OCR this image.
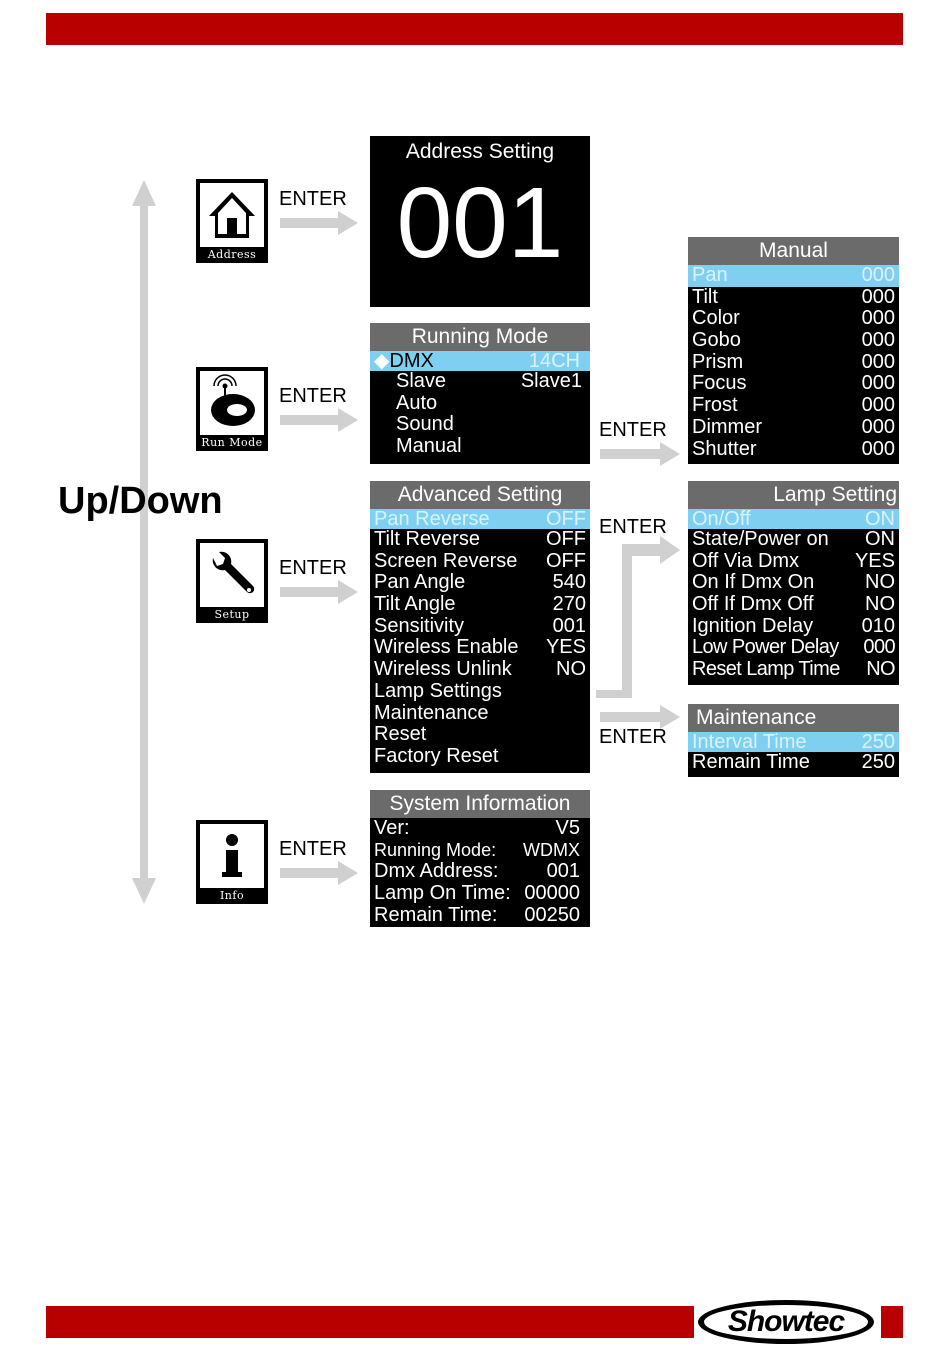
Up/Down
Address
Run Mode
Setup
Info
ENTER
ENTER
ENTER
ENTER
Address Setting
001
Running Mode
◆DMX	14CH
Slave	Slave1
Auto
Sound
Manual
Manual
Pan	000
Tilt	000
Color	000
Gobo	000
Prism	000
Focus	000
Frost	000
Dimmer	000
Shutter	000
ENTER
Advanced Setting
Pan Reverse	OFF
Tilt Reverse	OFF
Screen Reverse OFF
Pan Angle	540
Tilt Angle	270
Sensitivity	001
Wireless Enable YES
Wireless Unlink NO
Lamp Settings
Maintenance
Reset
Factory Reset
ENTER
ENTER
Lamp Setting
On/Off	ON
State/Power on ON
Off Via Dmx	YES
On If Dmx On	NO
Off If Dmx Off	NO
Ignition Delay 010
Low Power Delay 000
Reset Lamp Time NO
Maintenance
Interval Time	250
Remain Time	250
System Information
Ver:	V5
Running Mode: WDMX
Dmx Address: 001
Lamp On Time: 00000
Remain Time: 00250
Showtec
